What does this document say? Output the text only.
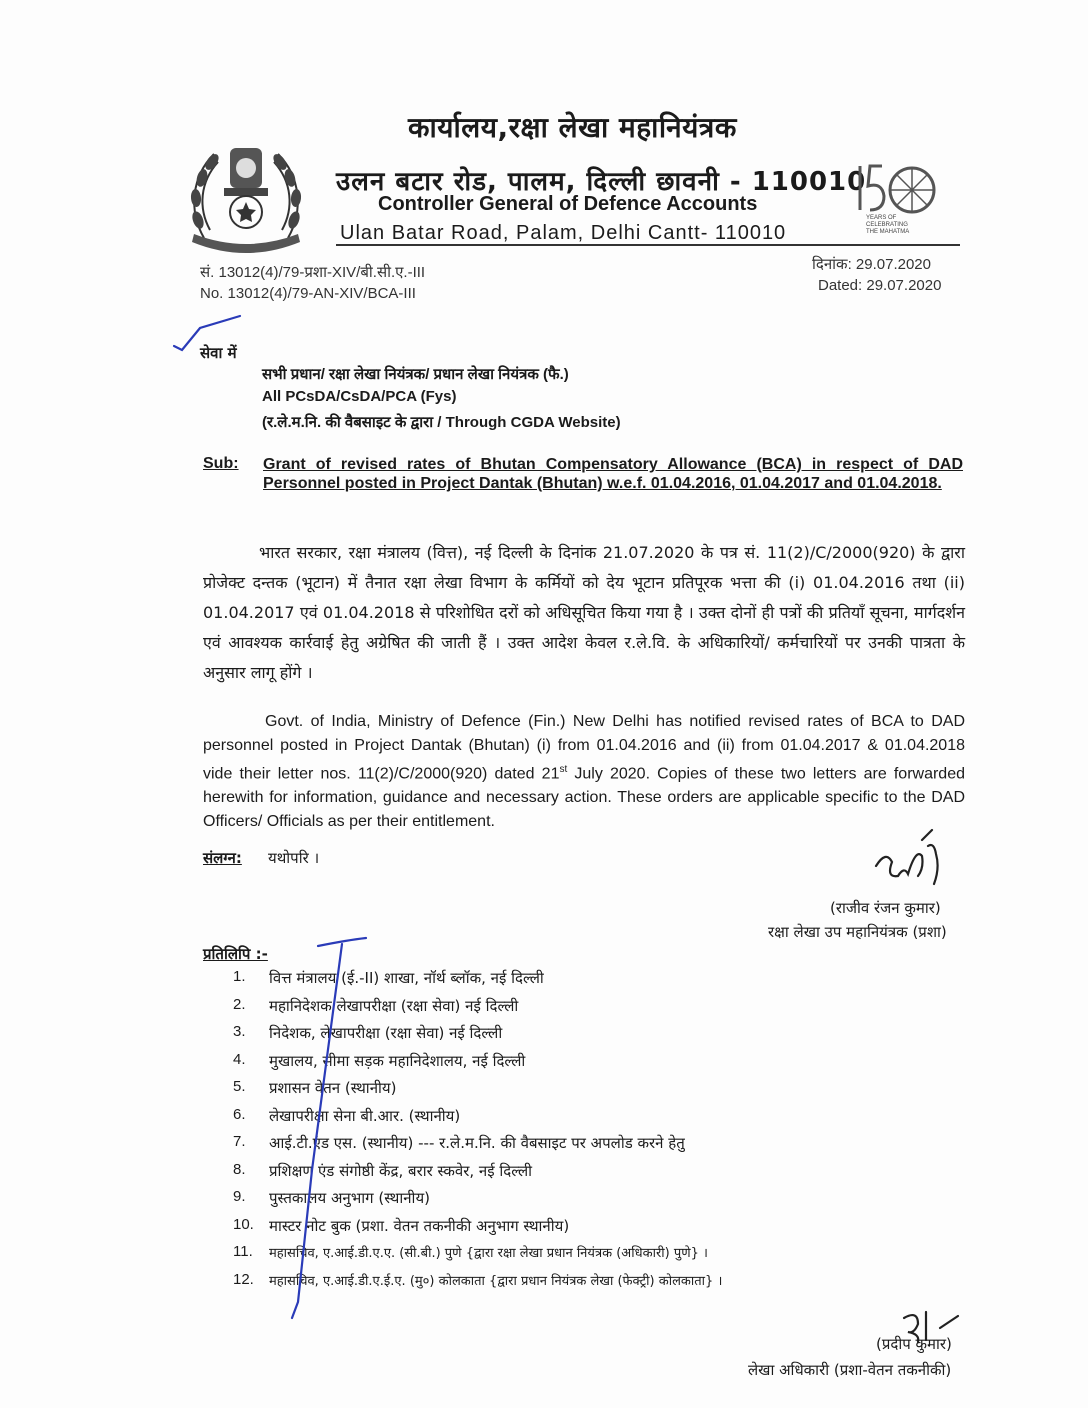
कार्यालय,रक्षा लेखा महानियंत्रक
उलन बटार रोड, पालम, दिल्ली छावनी - 110010
Controller General of Defence Accounts
Ulan Batar Road, Palam, Delhi Cantt- 110010
YEARS OF
CELEBRATING
THE MAHATMA
सं. 13012(4)/79-प्रशा-XIV/बी.सी.ए.-III
No. 13012(4)/79-AN-XIV/BCA-III
दिनांक: 29.07.2020
Dated: 29.07.2020
सेवा में
सभी प्रधान/ रक्षा लेखा नियंत्रक/ प्रधान लेखा नियंत्रक (फै.)
All PCsDA/CsDA/PCA (Fys)
(र.ले.म.नि. की वैबसाइट के द्वारा / Through CGDA Website)
Sub: Grant of revised rates of Bhutan Compensatory Allowance (BCA) in respect of DAD Personnel posted in Project Dantak (Bhutan) w.e.f. 01.04.2016, 01.04.2017 and 01.04.2018.
भारत सरकार, रक्षा मंत्रालय (वित्त), नई दिल्ली के दिनांक 21.07.2020 के पत्र सं. 11(2)/C/2000(920) के द्वारा प्रोजेक्ट दन्तक (भूटान) में तैनात रक्षा लेखा विभाग के कर्मियों को देय भूटान प्रतिपूरक भत्ता की (i) 01.04.2016 तथा (ii) 01.04.2017 एवं 01.04.2018 से परिशोधित दरों को अधिसूचित किया गया है । उक्त दोनों ही पत्रों की प्रतियाँ सूचना, मार्गदर्शन एवं आवश्यक कार्रवाई हेतु अग्रेषित की जाती हैं । उक्त आदेश केवल र.ले.वि. के अधिकारियों/ कर्मचारियों पर उनकी पात्रता के अनुसार लागू होंगे ।
Govt. of India, Ministry of Defence (Fin.) New Delhi has notified revised rates of BCA to DAD personnel posted in Project Dantak (Bhutan) (i) from 01.04.2016 and (ii) from 01.04.2017 & 01.04.2018 vide their letter nos. 11(2)/C/2000(920) dated 21st July 2020. Copies of these two letters are forwarded herewith for information, guidance and necessary action. These orders are applicable specific to the DAD Officers/ Officials as per their entitlement.
संलग्न: यथोपरि ।
(राजीव रंजन कुमार)
रक्षा लेखा उप महानियंत्रक (प्रशा)
प्रतिलिपि :-
1.	वित्त मंत्रालय (ई.-II) शाखा, नॉर्थ ब्लॉक, नई दिल्ली
2.	महानिदेशक लेखापरीक्षा (रक्षा सेवा) नई दिल्ली
3.	निदेशक, लेखापरीक्षा (रक्षा सेवा) नई दिल्ली
4.	मुखालय, सीमा सड़क महानिदेशालय, नई दिल्ली
5.	प्रशासन वेतन (स्थानीय)
6.	लेखापरीक्षा सेना बी.आर. (स्थानीय)
7.	आई.टी.एंड एस. (स्थानीय) --- र.ले.म.नि. की वैबसाइट पर अपलोड करने हेतु
8.	प्रशिक्षण एंड संगोष्ठी केंद्र, बरार स्कवेर, नई दिल्ली
9.	पुस्तकालय अनुभाग (स्थानीय)
10.	मास्टर नोट बुक (प्रशा. वेतन तकनीकी अनुभाग स्थानीय)
11.	महासचिव, ए.आई.डी.ए.ए. (सी.बी.) पुणे {द्वारा रक्षा लेखा प्रधान नियंत्रक (अधिकारी) पुणे} ।
12.	महासचिव, ए.आई.डी.ए.ई.ए. (मु०) कोलकाता {द्वारा प्रधान नियंत्रक लेखा (फेक्ट्री) कोलकाता} ।
(प्रदीप कुमार)
लेखा अधिकारी (प्रशा-वेतन तकनीकी)
